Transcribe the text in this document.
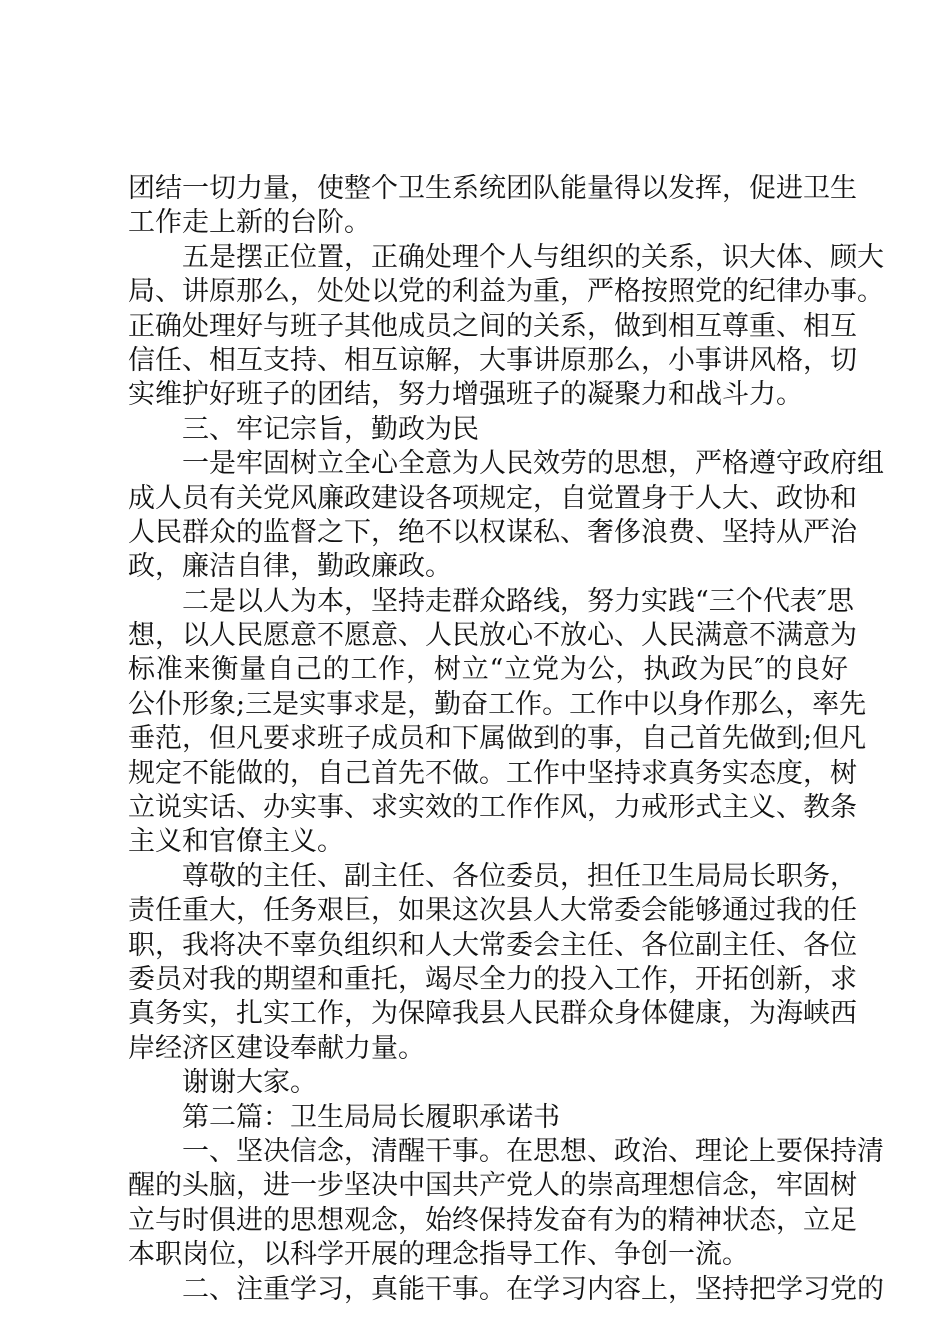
团结一切力量，使整个卫生系统团队能量得以发挥，促进卫生
工作走上新的台阶。
五是摆正位置，正确处理个人与组织的关系，识大体、顾大
局、讲原那么，处处以党的利益为重，严格按照党的纪律办事。
正确处理好与班子其他成员之间的关系，做到相互尊重、相互
信任、相互支持、相互谅解，大事讲原那么，小事讲风格，切
实维护好班子的团结，努力增强班子的凝聚力和战斗力。
三、牢记宗旨，勤政为民
一是牢固树立全心全意为人民效劳的思想，严格遵守政府组
成人员有关党风廉政建设各项规定，自觉置身于人大、政协和
人民群众的监督之下，绝不以权谋私、奢侈浪费、坚持从严治
政，廉洁自律，勤政廉政。
二是以人为本，坚持走群众路线，努力实践“三个代表″思
想，以人民愿意不愿意、人民放心不放心、人民满意不满意为
标准来衡量自己的工作，树立“立党为公，执政为民″的良好
公仆形象;三是实事求是，勤奋工作。工作中以身作那么，率先
垂范，但凡要求班子成员和下属做到的事，自己首先做到;但凡
规定不能做的，自己首先不做。工作中坚持求真务实态度，树
立说实话、办实事、求实效的工作作风，力戒形式主义、教条
主义和官僚主义。
尊敬的主任、副主任、各位委员，担任卫生局局长职务，
责任重大，任务艰巨，如果这次县人大常委会能够通过我的任
职，我将决不辜负组织和人大常委会主任、各位副主任、各位
委员对我的期望和重托，竭尽全力的投入工作，开拓创新，求
真务实，扎实工作，为保障我县人民群众身体健康，为海峡西
岸经济区建设奉献力量。
谢谢大家。
第二篇：卫生局局长履职承诺书
一、坚决信念，清醒干事。在思想、政治、理论上要保持清
醒的头脑，进一步坚决中国共产党人的崇高理想信念，牢固树
立与时俱进的思想观念，始终保持发奋有为的精神状态，立足
本职岗位，以科学开展的理念指导工作、争创一流。
二、注重学习，真能干事。在学习内容上，坚持把学习党的
